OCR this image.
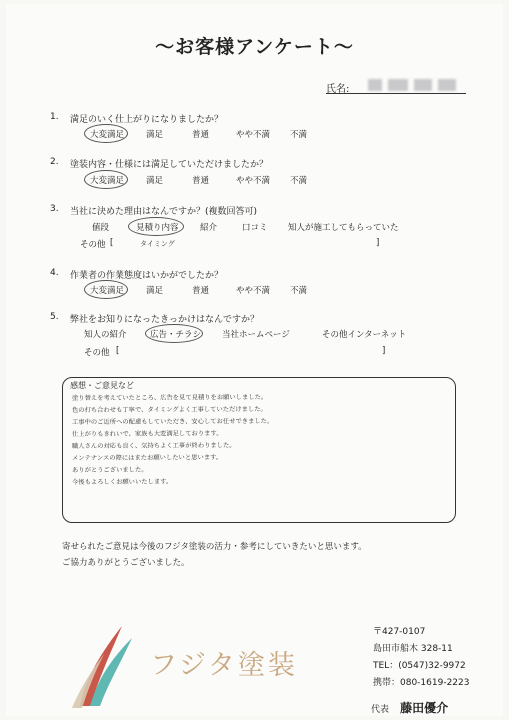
〜お客様アンケート〜
氏名:
1. 満足のいく仕上がりになりましたか？
大変満足	満足	普通	やや不満 不満
2. 塗装内容・仕様には満足していただけましたか？
大変満足	満足	普通	やや不満 不満
3. 当社に決めた理由はなんですか？(複数回答可)
値段	見積り内容	紹介	口コミ 知人が施工してもらっていた
その他 [	タイミング	]
4. 作業者の作業態度はいかがでしたか？
大変満足	満足	普通	やや不満 不満
5. 弊社をお知りになったきっかけはなんですか？
知人の紹介	広告・チラシ 当社ホームページ	その他インターネット
その他 [	]
感想・ご意見など
塗り替えを考えていたところ、広告を見て見積りをお願いしました。
色の打ち合わせも丁寧で、タイミングよく工事していただけました。
工事中のご近所への配慮もしていただき、安心してお任せできました。
仕上がりもきれいで、家族も大変満足しております。
職人さんの対応も良く、気持ちよく工事が終わりました。
メンテナンスの際にはまたお願いしたいと思います。
ありがとうございました。
今後もよろしくお願いいたします。
寄せられたご意見は今後のフジタ塗装の活力・参考にしていきたいと思います。
ご協力ありがとうございました。
フジタ塗装
〒427-0107
島田市船木 328-11
TEL：(0547)32-9972
携帯：080-1619-2223
代表 藤田優介
